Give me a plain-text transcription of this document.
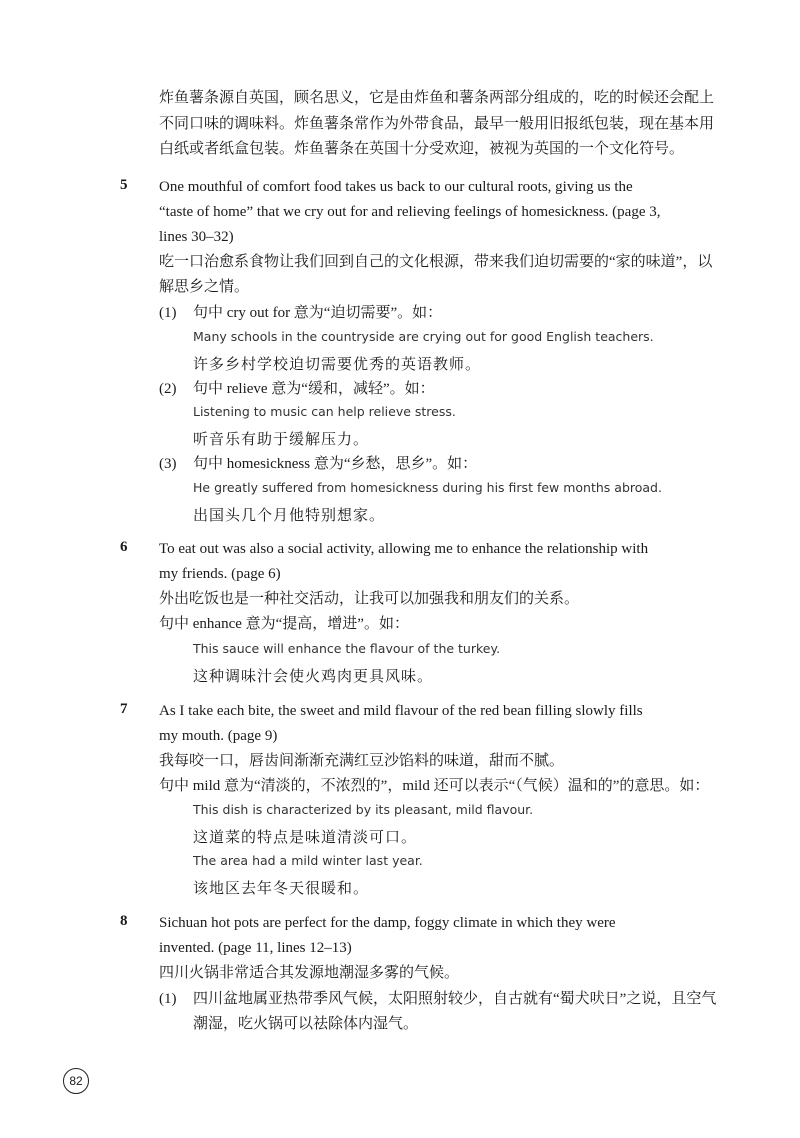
炸鱼薯条源自英国，顾名思义，它是由炸鱼和薯条两部分组成的，吃的时候还会配上
不同口味的调味料。炸鱼薯条常作为外带食品，最早一般用旧报纸包装，现在基本用
白纸或者纸盒包装。炸鱼薯条在英国十分受欢迎，被视为英国的一个文化符号。
5 One mouthful of comfort food takes us back to our cultural roots, giving us the
“taste of home” that we cry out for and relieving feelings of homesickness. (page 3,
lines 30–32)
吃一口治愈系食物让我们回到自己的文化根源，带来我们迫切需要的“家的味道”，以
解思乡之情。
(1) 句中 cry out for 意为“迫切需要”。如：
Many schools in the countryside are crying out for good English teachers.
许多乡村学校迫切需要优秀的英语教师。
(2) 句中 relieve 意为“缓和，减轻”。如：
Listening to music can help relieve stress.
听音乐有助于缓解压力。
(3) 句中 homesickness 意为“乡愁，思乡”。如：
He greatly suffered from homesickness during his first few months abroad.
出国头几个月他特别想家。
6 To eat out was also a social activity, allowing me to enhance the relationship with
my friends. (page 6)
外出吃饭也是一种社交活动，让我可以加强我和朋友们的关系。
句中 enhance 意为“提高，增进”。如：
This sauce will enhance the flavour of the turkey.
这种调味汁会使火鸡肉更具风味。
7 As I take each bite, the sweet and mild flavour of the red bean filling slowly fills
my mouth. (page 9)
我每咬一口，唇齿间渐渐充满红豆沙馅料的味道，甜而不腻。
句中 mild 意为“清淡的，不浓烈的”，mild 还可以表示“（气候）温和的”的意思。如：
This dish is characterized by its pleasant, mild flavour.
这道菜的特点是味道清淡可口。
The area had a mild winter last year.
该地区去年冬天很暖和。
8 Sichuan hot pots are perfect for the damp, foggy climate in which they were
invented. (page 11, lines 12–13)
四川火锅非常适合其发源地潮湿多雾的气候。
(1) 四川盆地属亚热带季风气候，太阳照射较少，自古就有“蜀犬吠日”之说，且空气
潮湿，吃火锅可以祛除体内湿气。
82
